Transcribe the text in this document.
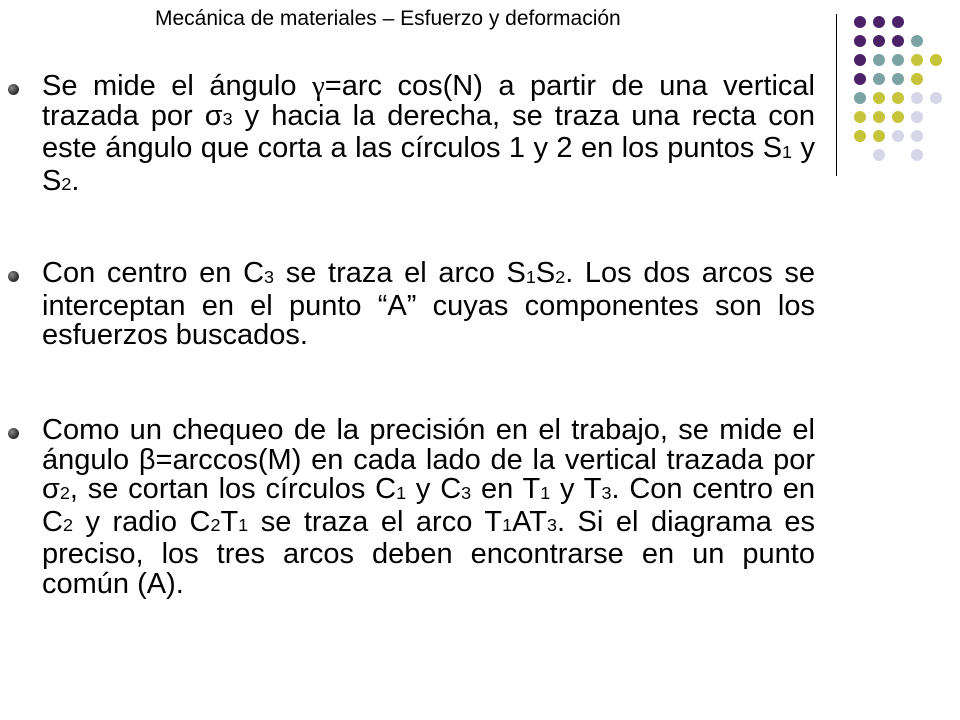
Mecánica de materiales – Esfuerzo y deformación
Se mide el ángulo γ=arc cos(N) a partir de una vertical trazada por $\sigma_3$ y hacia la derecha, se traza una recta con este ángulo que corta a las círculos 1 y 2 en los puntos $S_1$ y $S_2$.
Con centro en $C_3$ se traza el arco $S_1S_2$. Los dos arcos se interceptan en el punto “A” cuyas componentes son los esfuerzos buscados.
Como un chequeo de la precisión en el trabajo, se mide el ángulo β=arccos(M) en cada lado de la vertical trazada por $\sigma_2$, se cortan los círculos $C_1$ y $C_3$ en $T_1$ y $T_3$. Con centro en $C_2$ y radio $C_2T_1$ se traza el arco $T_1AT_3$. Si el diagrama es preciso, los tres arcos deben encontrarse en un punto común (A).
